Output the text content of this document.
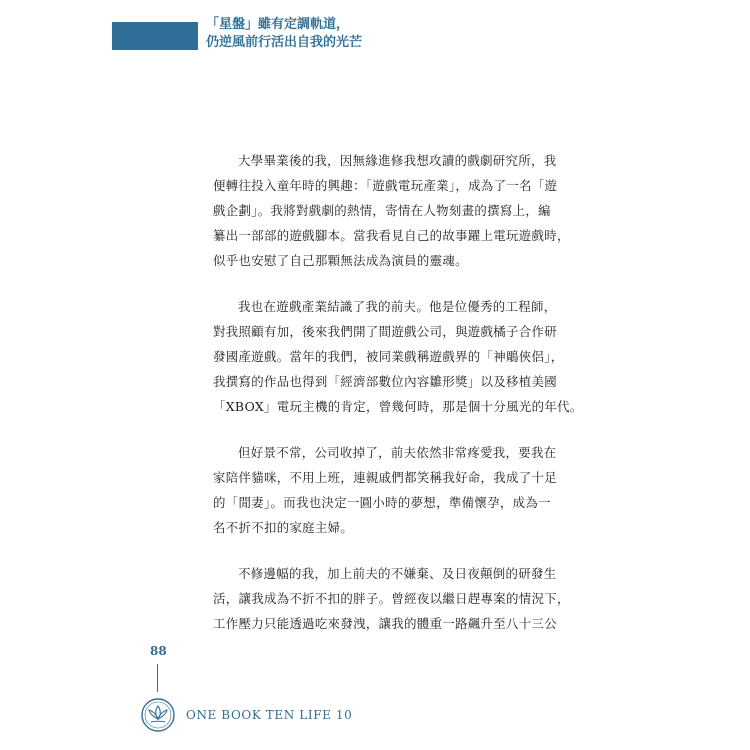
「星盤」雖有定調軌道，
仍逆風前行活出自我的光芒
大學畢業後的我，因無緣進修我想攻讀的戲劇研究所，我
便轉往投入童年時的興趣：「遊戲電玩產業」，成為了一名「遊
戲企劃」。我將對戲劇的熱情，寄情在人物刻畫的撰寫上，編
纂出一部部的遊戲腳本。當我看見自己的故事躍上電玩遊戲時，
似乎也安慰了自己那顆無法成為演員的靈魂。
我也在遊戲產業結識了我的前夫。他是位優秀的工程師，
對我照顧有加，後來我們開了間遊戲公司，與遊戲橘子合作研
發國產遊戲。當年的我們，被同業戲稱遊戲界的「神鵰俠侶」，
我撰寫的作品也得到「經濟部數位內容雛形獎」以及移植美國
「XBOX」電玩主機的肯定，曾幾何時，那是個十分風光的年代。
但好景不常，公司收掉了，前夫依然非常疼愛我，要我在
家陪伴貓咪，不用上班，連親戚們都笑稱我好命，我成了十足
的「閒妻」。而我也決定一圓小時的夢想，準備懷孕，成為一
名不折不扣的家庭主婦。
不修邊幅的我，加上前夫的不嫌棄、及日夜顛倒的研發生
活，讓我成為不折不扣的胖子。曾經夜以繼日趕專案的情況下，
工作壓力只能透過吃來發洩，讓我的體重一路飆升至八十三公
88
ONE BOOK TEN LIFE 10
